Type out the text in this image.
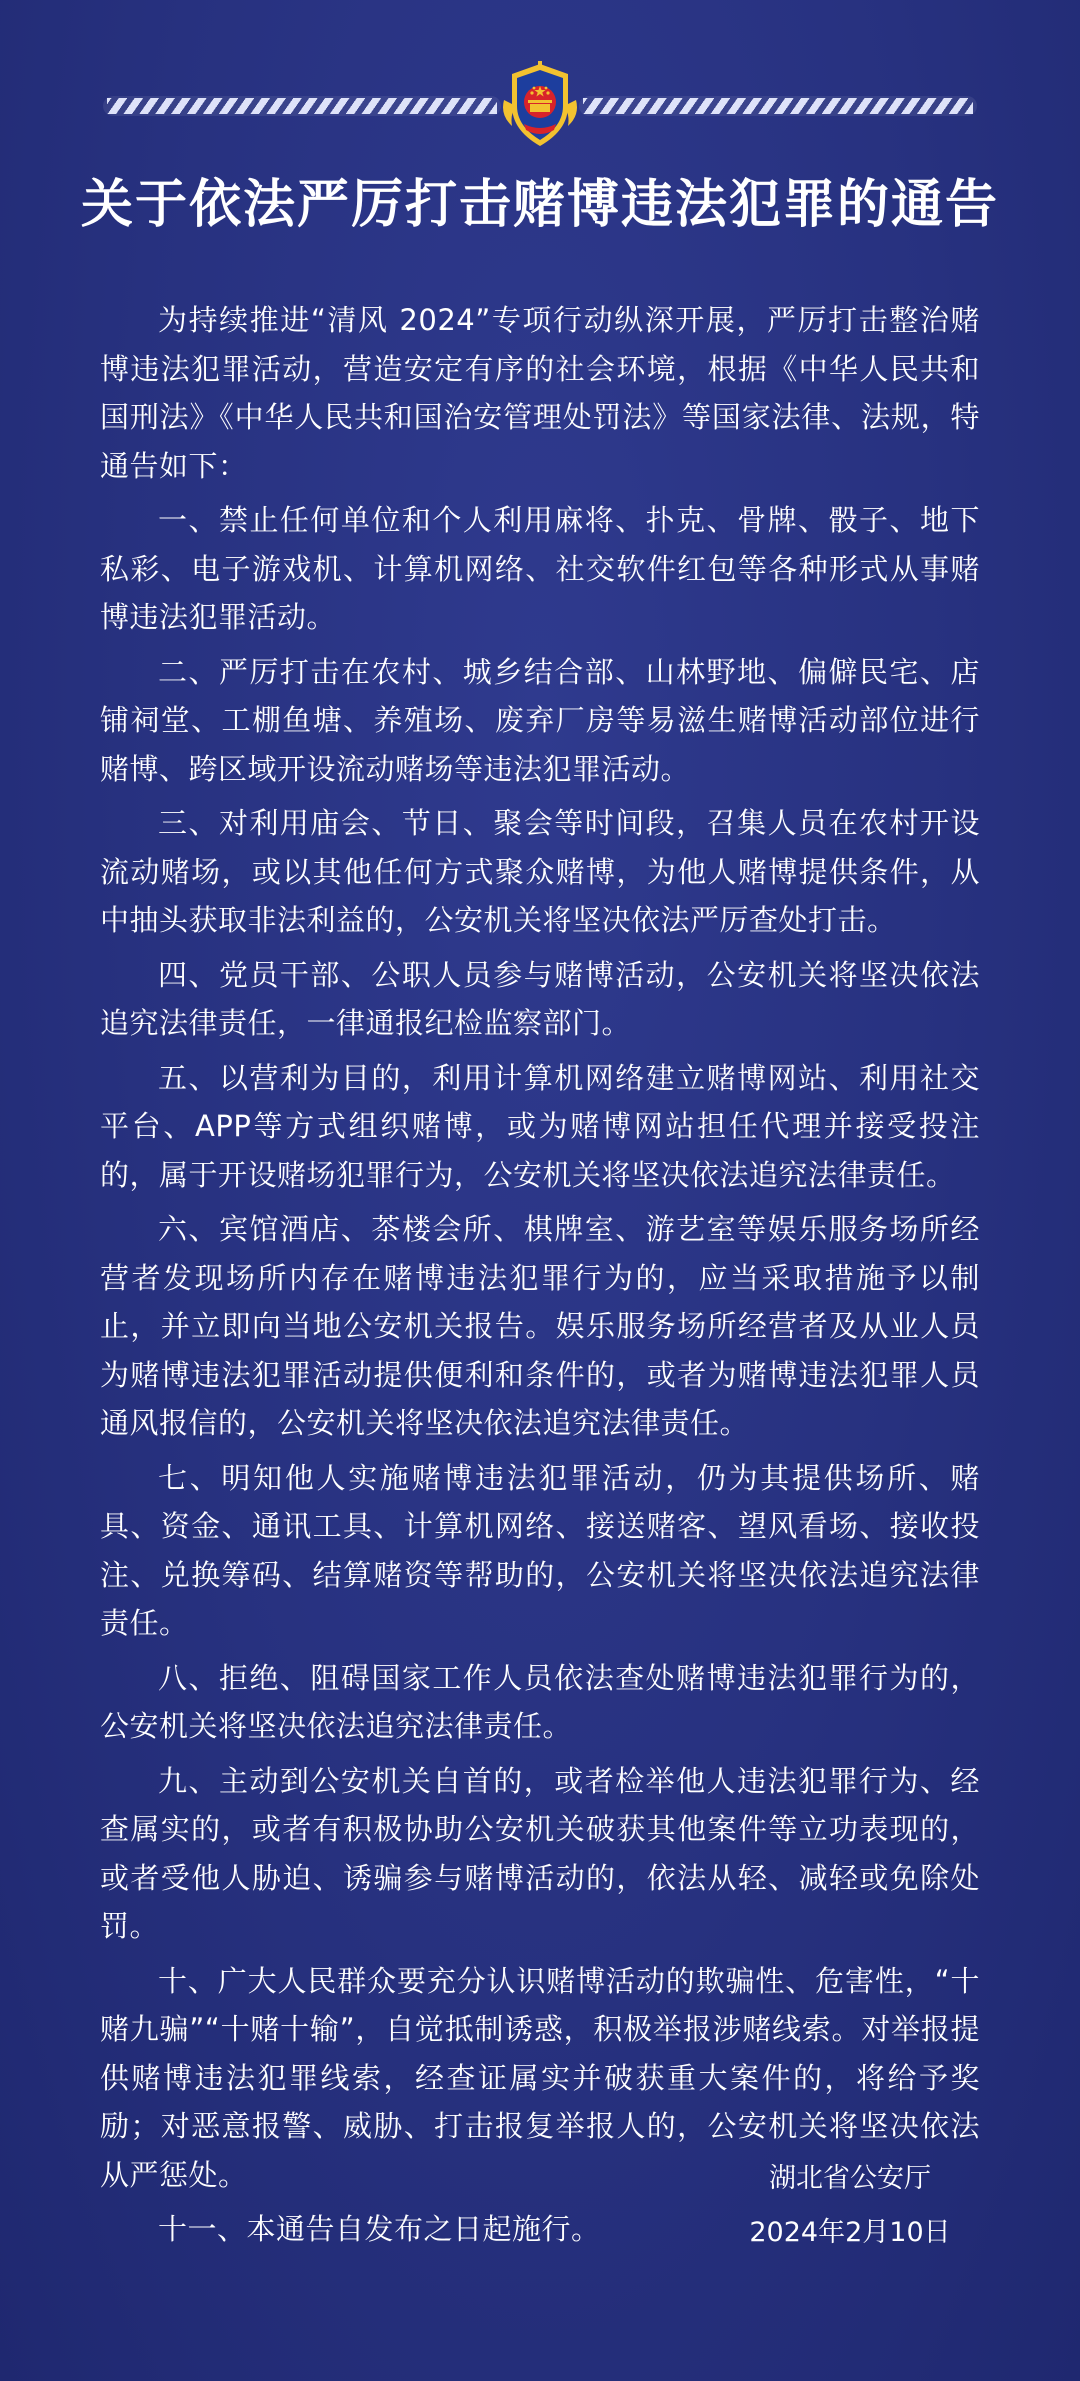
关于依法严厉打击赌博违法犯罪的通告

为持续推进“清风 2024”专项行动纵深开展，严厉打击整治赌博违法犯罪活动，营造安定有序的社会环境，根据《中华人民共和国刑法》《中华人民共和国治安管理处罚法》等国家法律、法规，特通告如下：

一、禁止任何单位和个人利用麻将、扑克、骨牌、骰子、地下私彩、电子游戏机、计算机网络、社交软件红包等各种形式从事赌博违法犯罪活动。

二、严厉打击在农村、城乡结合部、山林野地、偏僻民宅、店铺祠堂、工棚鱼塘、养殖场、废弃厂房等易滋生赌博活动部位进行赌博、跨区域开设流动赌场等违法犯罪活动。

三、对利用庙会、节日、聚会等时间段，召集人员在农村开设流动赌场，或以其他任何方式聚众赌博，为他人赌博提供条件，从中抽头获取非法利益的，公安机关将坚决依法严厉查处打击。

四、党员干部、公职人员参与赌博活动，公安机关将坚决依法追究法律责任，一律通报纪检监察部门。

五、以营利为目的，利用计算机网络建立赌博网站、利用社交平台、APP等方式组织赌博，或为赌博网站担任代理并接受投注的，属于开设赌场犯罪行为，公安机关将坚决依法追究法律责任。

六、宾馆酒店、茶楼会所、棋牌室、游艺室等娱乐服务场所经营者发现场所内存在赌博违法犯罪行为的，应当采取措施予以制止，并立即向当地公安机关报告。娱乐服务场所经营者及从业人员为赌博违法犯罪活动提供便利和条件的，或者为赌博违法犯罪人员通风报信的，公安机关将坚决依法追究法律责任。

七、明知他人实施赌博违法犯罪活动，仍为其提供场所、赌具、资金、通讯工具、计算机网络、接送赌客、望风看场、接收投注、兑换筹码、结算赌资等帮助的，公安机关将坚决依法追究法律责任。

八、拒绝、阻碍国家工作人员依法查处赌博违法犯罪行为的，公安机关将坚决依法追究法律责任。

九、主动到公安机关自首的，或者检举他人违法犯罪行为、经查属实的，或者有积极协助公安机关破获其他案件等立功表现的，或者受他人胁迫、诱骗参与赌博活动的，依法从轻、减轻或免除处罚。

十、广大人民群众要充分认识赌博活动的欺骗性、危害性，“十赌九骗”“十赌十输”，自觉抵制诱惑，积极举报涉赌线索。对举报提供赌博违法犯罪线索，经查证属实并破获重大案件的，将给予奖励；对恶意报警、威胁、打击报复举报人的，公安机关将坚决依法从严惩处。

十一、本通告自发布之日起施行。

湖北省公安厅
2024年2月10日
